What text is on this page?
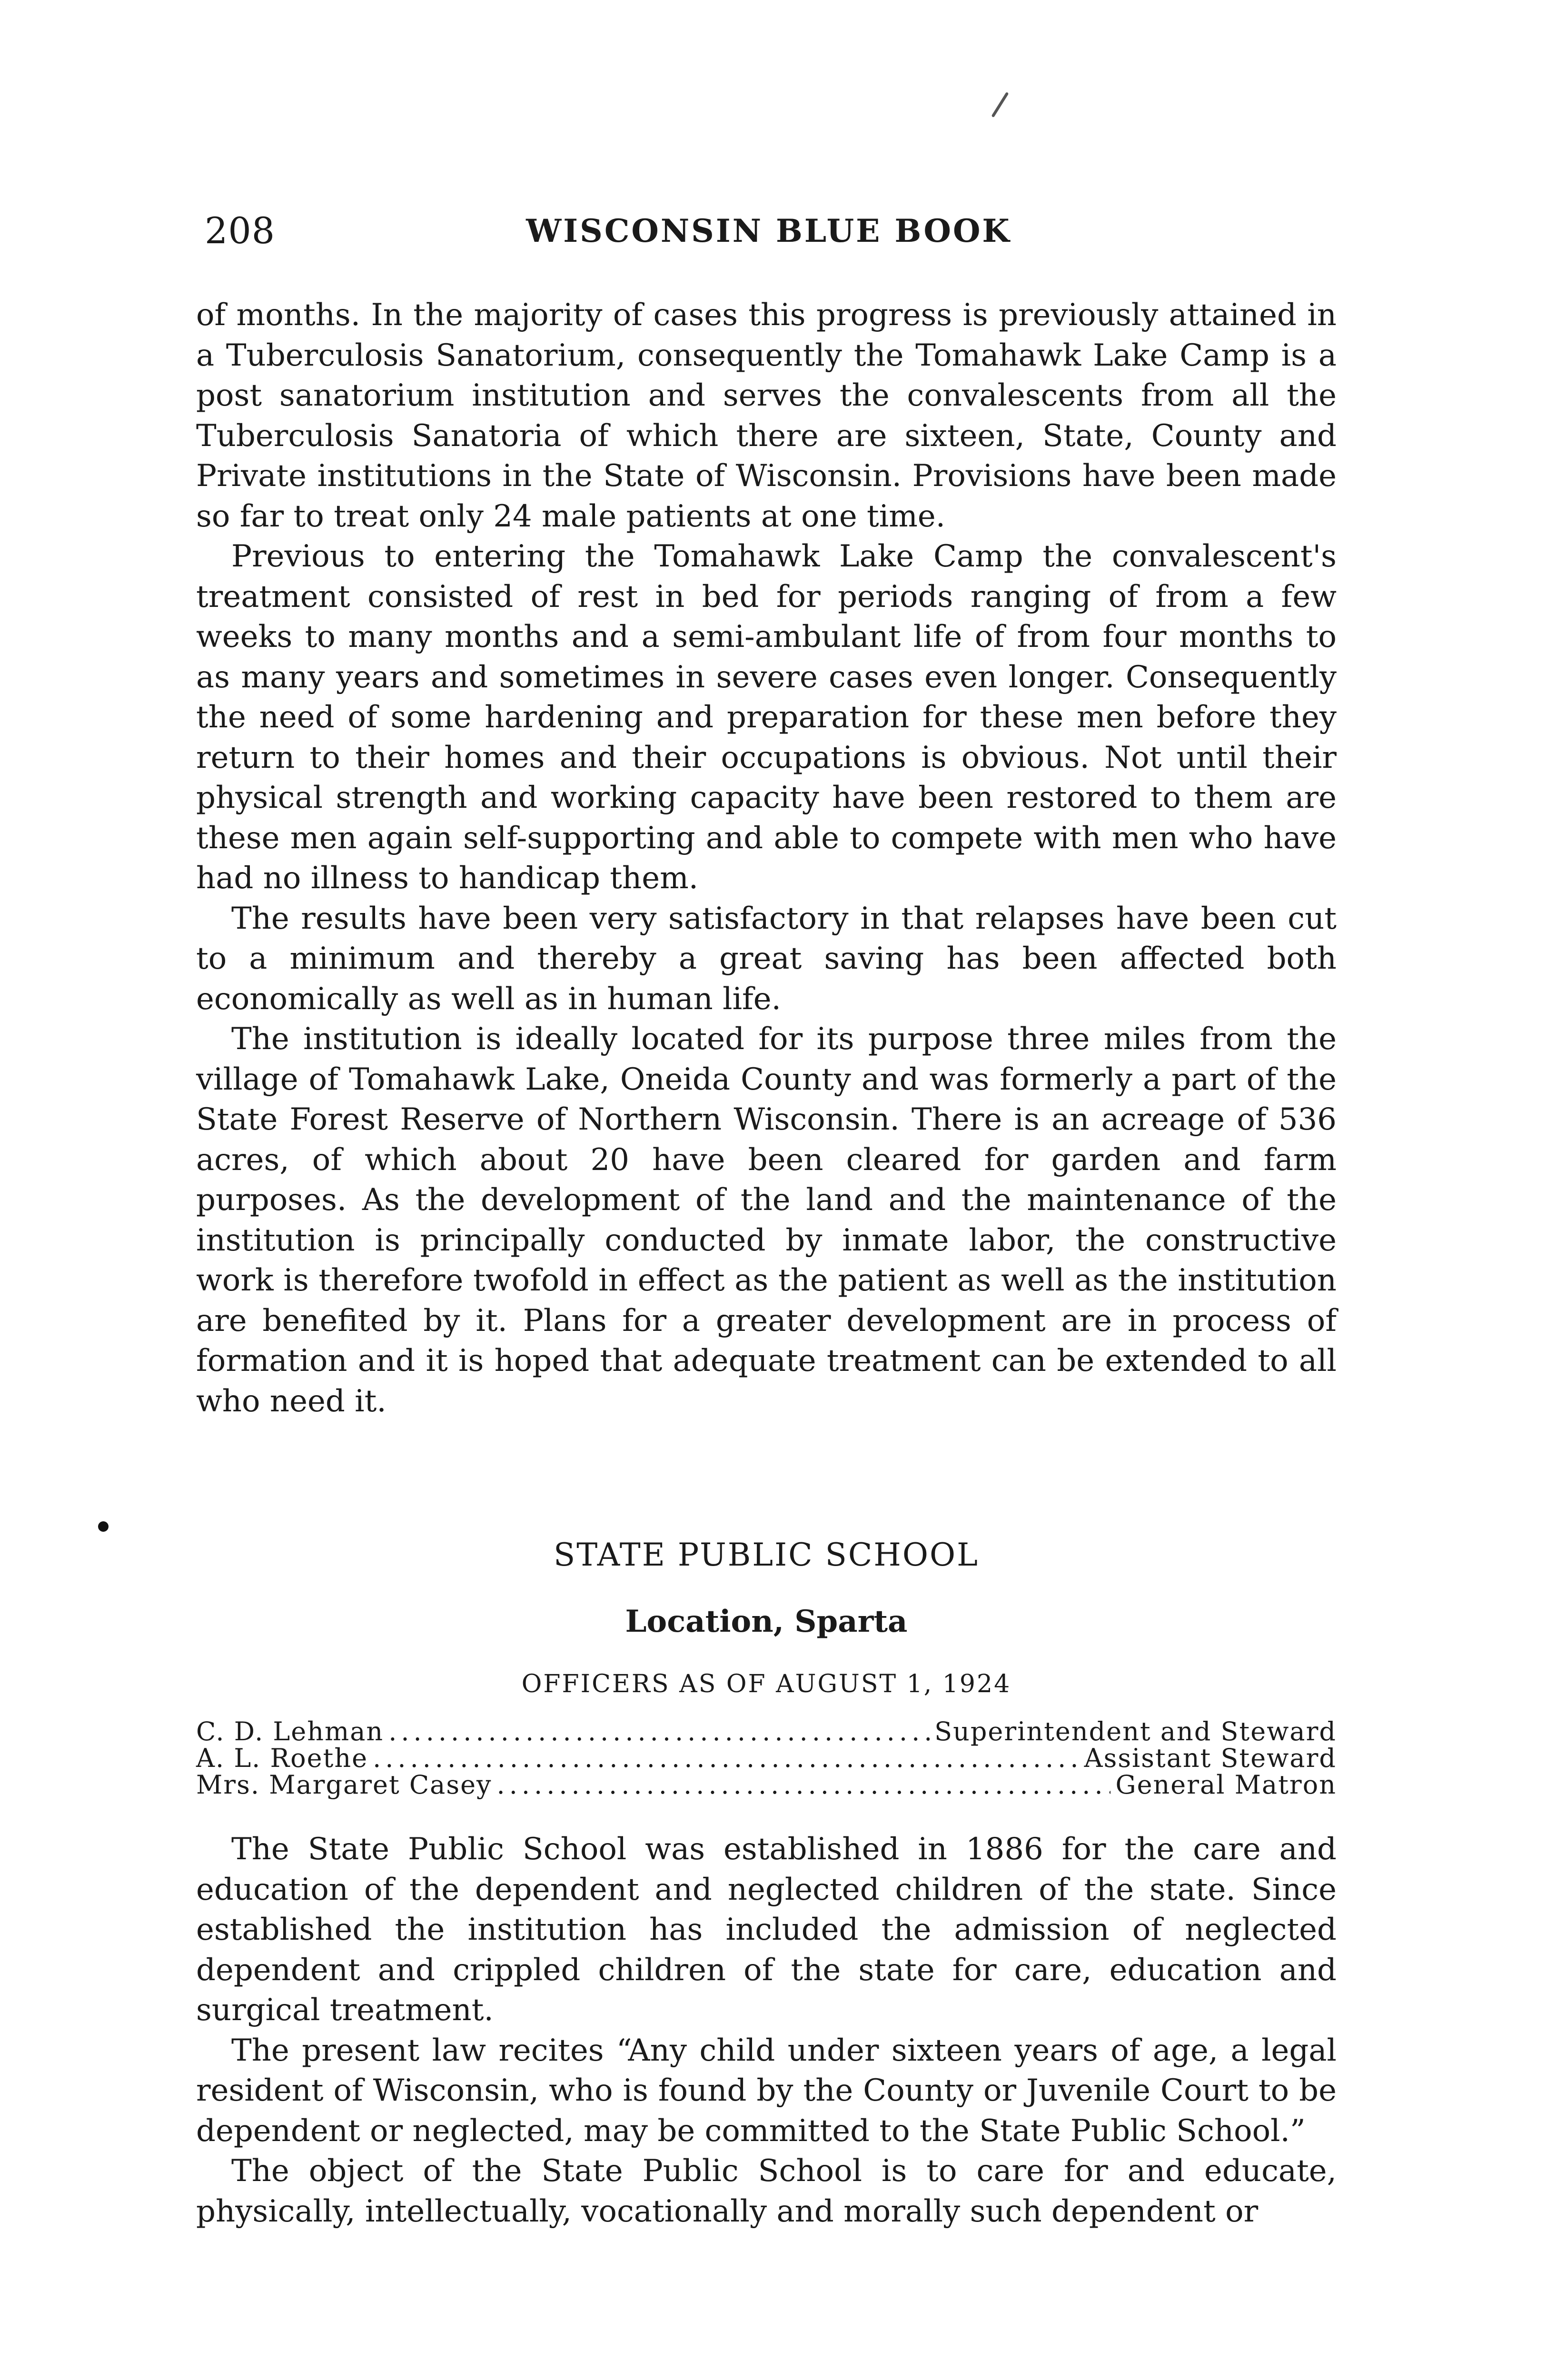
208	WISCONSIN BLUE BOOK

of months. In the majority of cases this progress is previously attained in a Tuberculosis Sanatorium, consequently the Tomahawk Lake Camp is a post sanatorium institution and serves the convalescents from all the Tuberculosis Sanatoria of which there are sixteen, State, County and Private institutions in the State of Wisconsin. Provisions have been made so far to treat only 24 male patients at one time.

Previous to entering the Tomahawk Lake Camp the convalescent's treatment consisted of rest in bed for periods ranging of from a few weeks to many months and a semi-ambulant life of from four months to as many years and sometimes in severe cases even longer. Consequently the need of some hardening and preparation for these men before they return to their homes and their occupations is obvious. Not until their physical strength and working capacity have been restored to them are these men again self-supporting and able to compete with men who have had no illness to handicap them.

The results have been very satisfactory in that relapses have been cut to a minimum and thereby a great saving has been affected both economically as well as in human life.

The institution is ideally located for its purpose three miles from the village of Tomahawk Lake, Oneida County and was formerly a part of the State Forest Reserve of Northern Wisconsin. There is an acreage of 536 acres, of which about 20 have been cleared for garden and farm purposes. As the development of the land and the maintenance of the institution is principally conducted by inmate labor, the constructive work is therefore twofold in effect as the patient as well as the institution are benefited by it. Plans for a greater development are in process of formation and it is hoped that adequate treatment can be extended to all who need it.

STATE PUBLIC SCHOOL
Location, Sparta
OFFICERS AS OF AUGUST 1, 1924
C. D. Lehman .....	Superintendent and Steward
A. L. Roethe .....	Assistant Steward
Mrs. Margaret Casey .....	General Matron

The State Public School was established in 1886 for the care and education of the dependent and neglected children of the state. Since established the institution has included the admission of neglected dependent and crippled children of the state for care, education and surgical treatment.

The present law recites “Any child under sixteen years of age, a legal resident of Wisconsin, who is found by the County or Juvenile Court to be dependent or neglected, may be committed to the State Public School.”

The object of the State Public School is to care for and educate, physically, intellectually, vocationally and morally such dependent or
